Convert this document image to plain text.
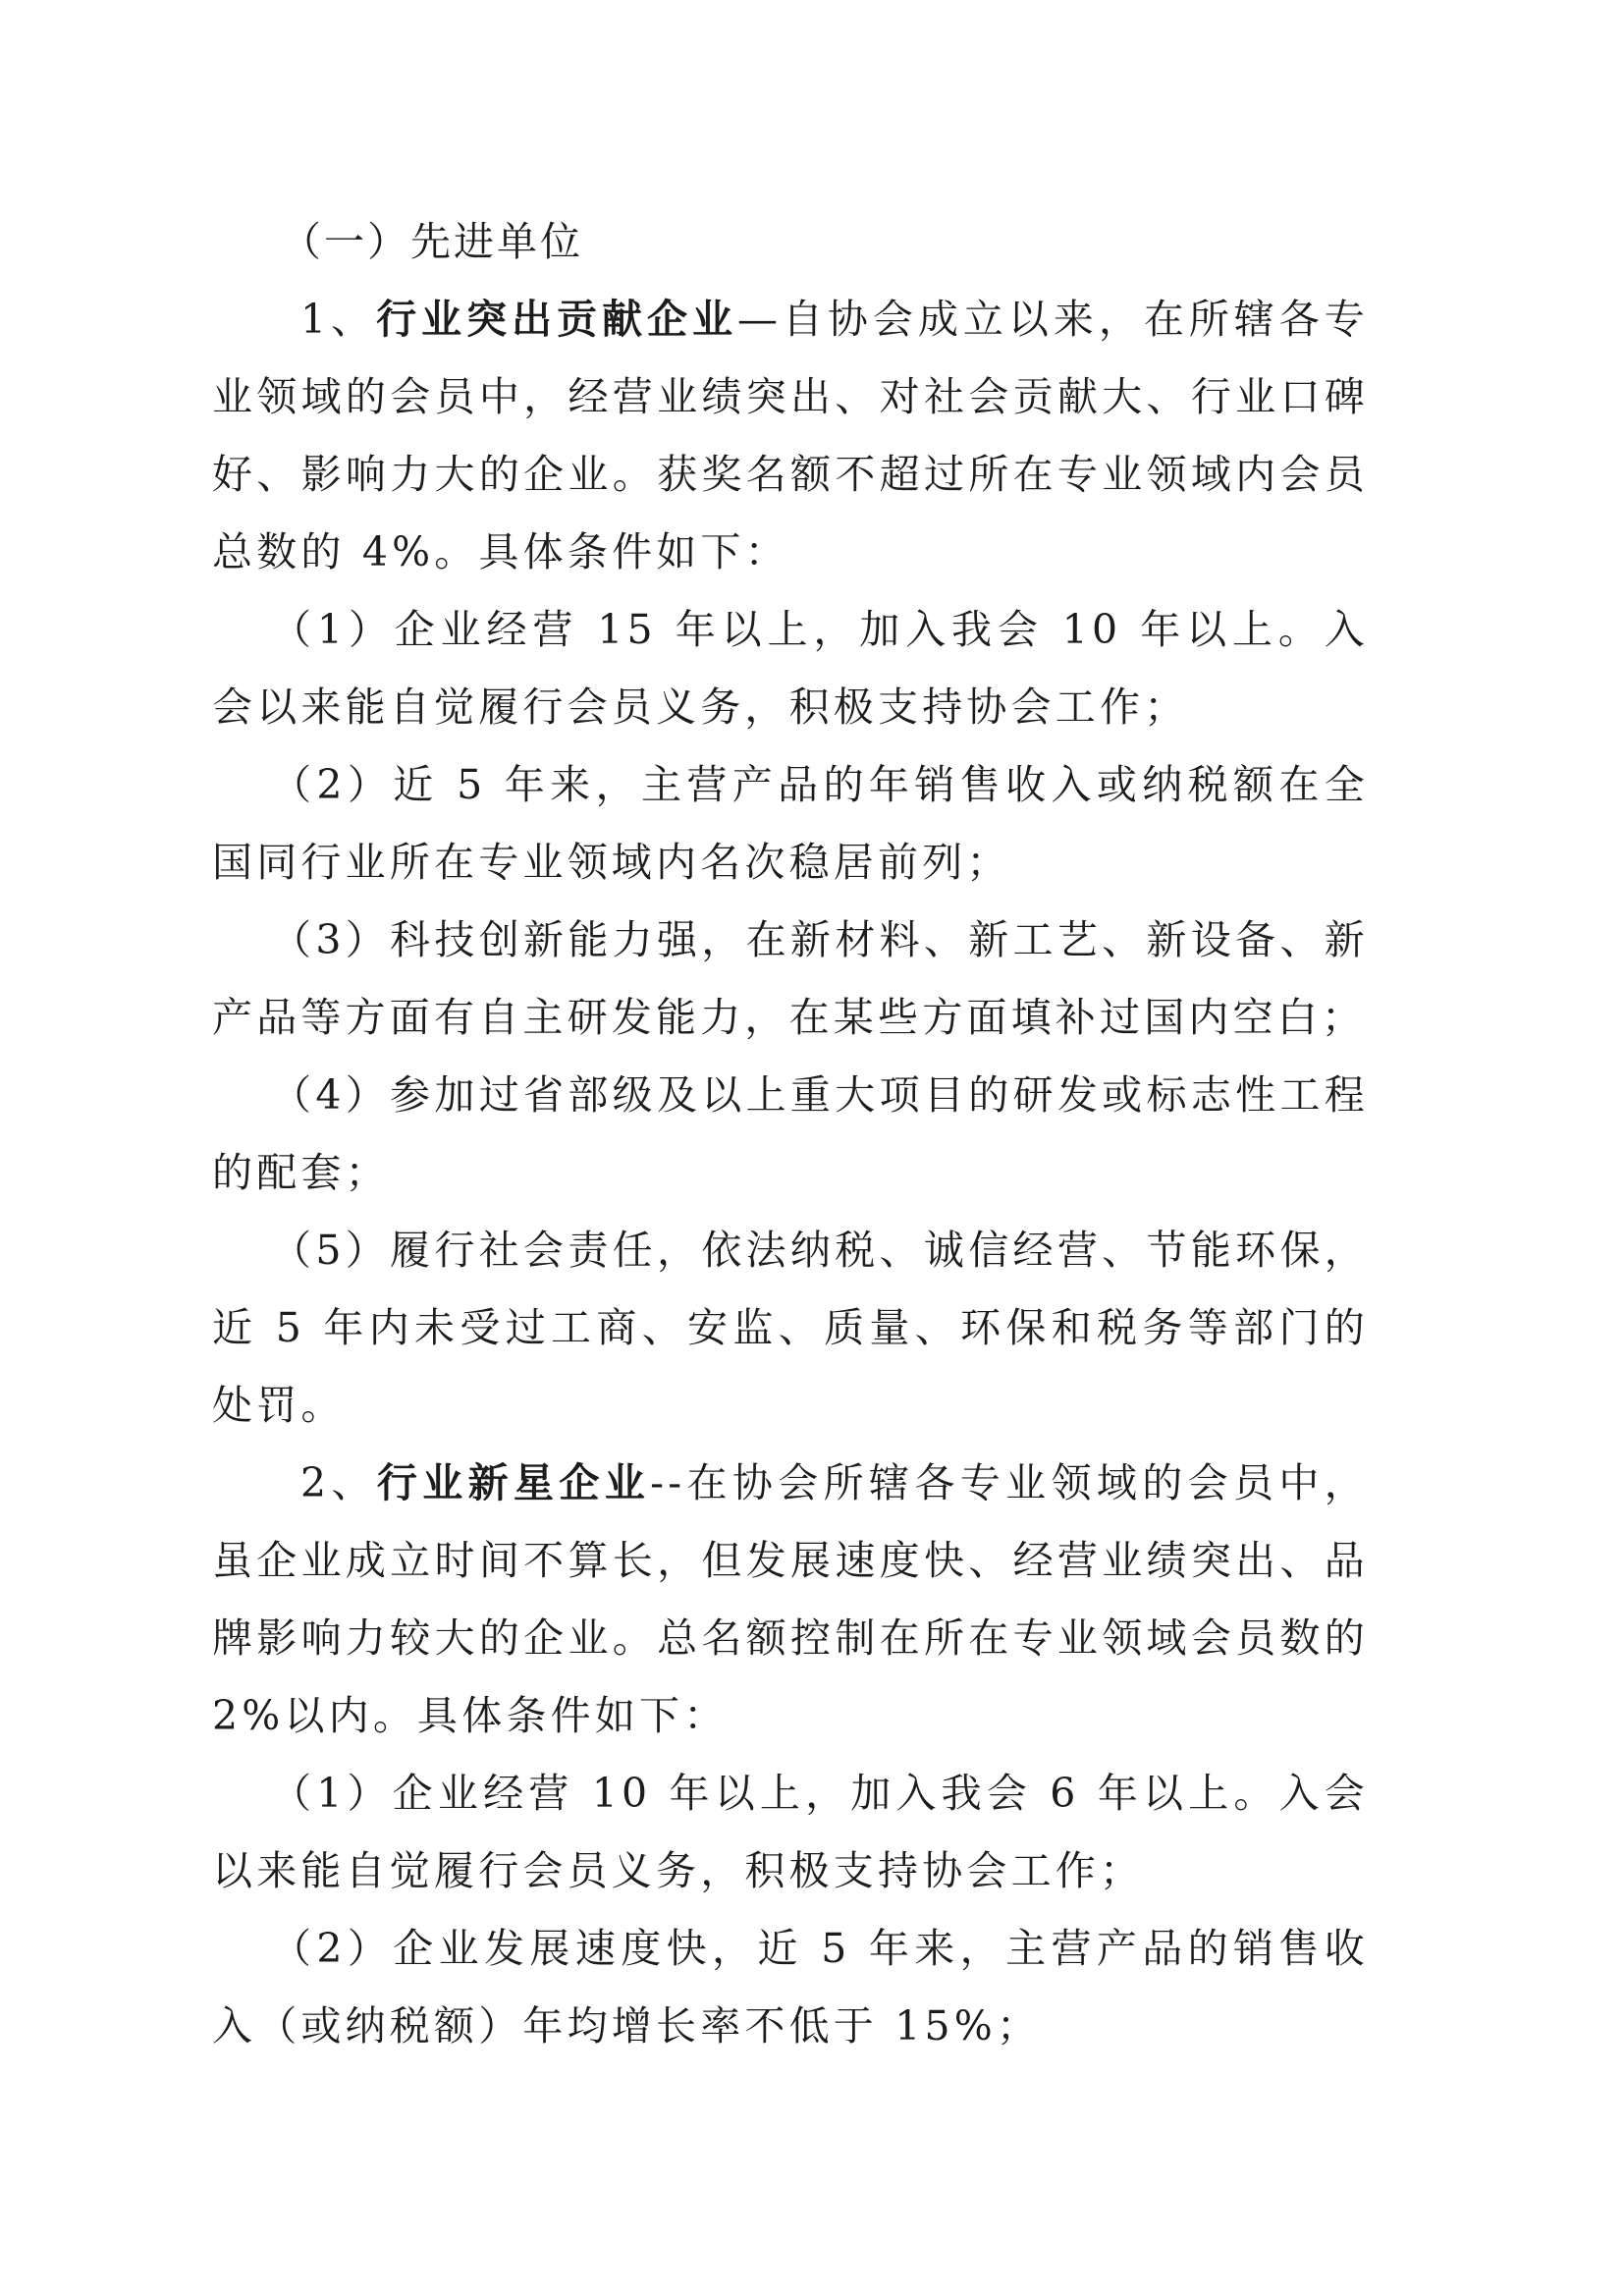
（一）先进单位

1、行业突出贡献企业—自协会成立以来，在所辖各专业领域的会员中，经营业绩突出、对社会贡献大、行业口碑好、影响力大的企业。获奖名额不超过所在专业领域内会员总数的 4%。具体条件如下：

（1）企业经营 15 年以上，加入我会 10 年以上。入会以来能自觉履行会员义务，积极支持协会工作；

（2）近 5 年来，主营产品的年销售收入或纳税额在全国同行业所在专业领域内名次稳居前列；

（3）科技创新能力强，在新材料、新工艺、新设备、新产品等方面有自主研发能力，在某些方面填补过国内空白；

（4）参加过省部级及以上重大项目的研发或标志性工程的配套；

（5）履行社会责任，依法纳税、诚信经营、节能环保，近 5 年内未受过工商、安监、质量、环保和税务等部门的处罚。

2、行业新星企业--在协会所辖各专业领域的会员中，虽企业成立时间不算长，但发展速度快、经营业绩突出、品牌影响力较大的企业。总名额控制在所在专业领域会员数的 2%以内。具体条件如下：

（1）企业经营 10 年以上，加入我会 6 年以上。入会以来能自觉履行会员义务，积极支持协会工作；

（2）企业发展速度快，近 5 年来，主营产品的销售收入（或纳税额）年均增长率不低于 15%；
